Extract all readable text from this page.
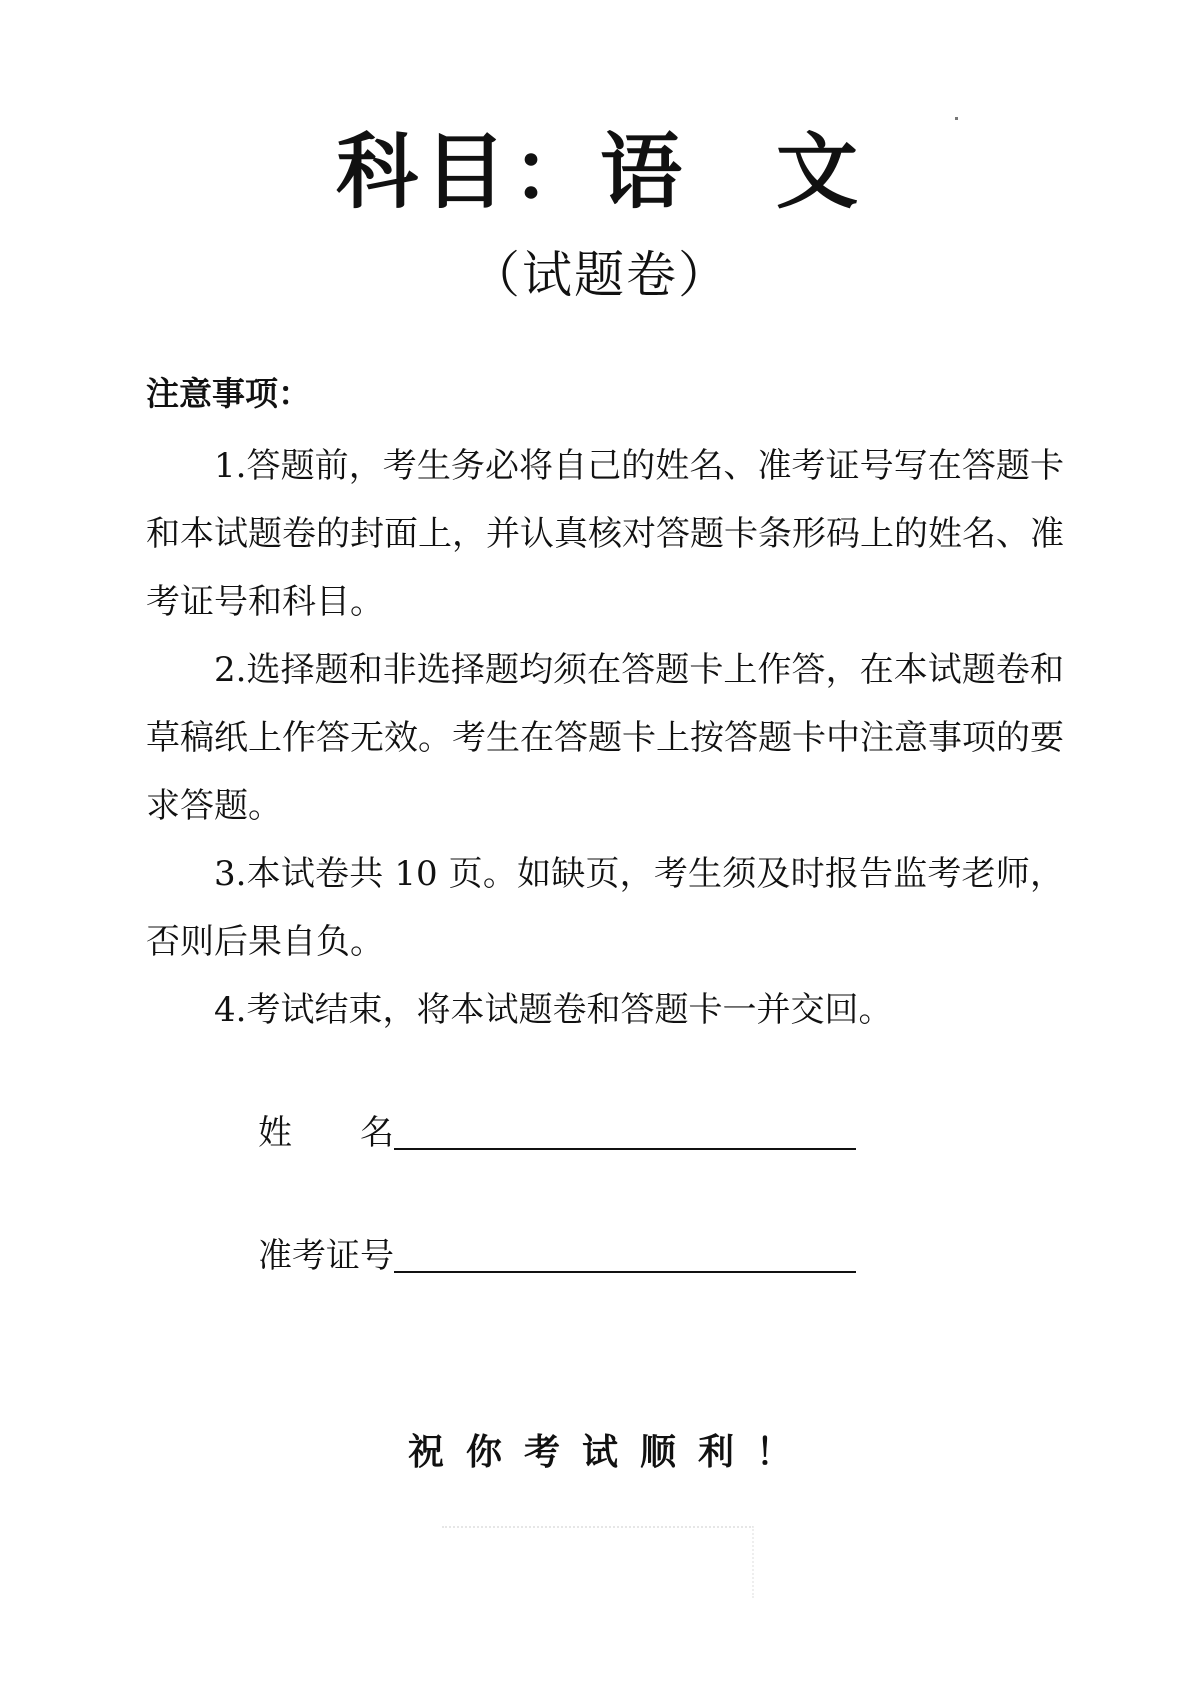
科目：语　文
（试题卷）
注意事项：

1.答题前，考生务必将自己的姓名、准考证号写在答题卡和本试题卷的封面上，并认真核对答题卡条形码上的姓名、准考证号和科目。

2.选择题和非选择题均须在答题卡上作答，在本试题卷和草稿纸上作答无效。考生在答题卡上按答题卡中注意事项的要求答题。

3.本试卷共 10 页。如缺页，考生须及时报告监考老师，否则后果自负。

4.考试结束，将本试题卷和答题卡一并交回。

姓　　名
准考证号
祝你考试顺利！
